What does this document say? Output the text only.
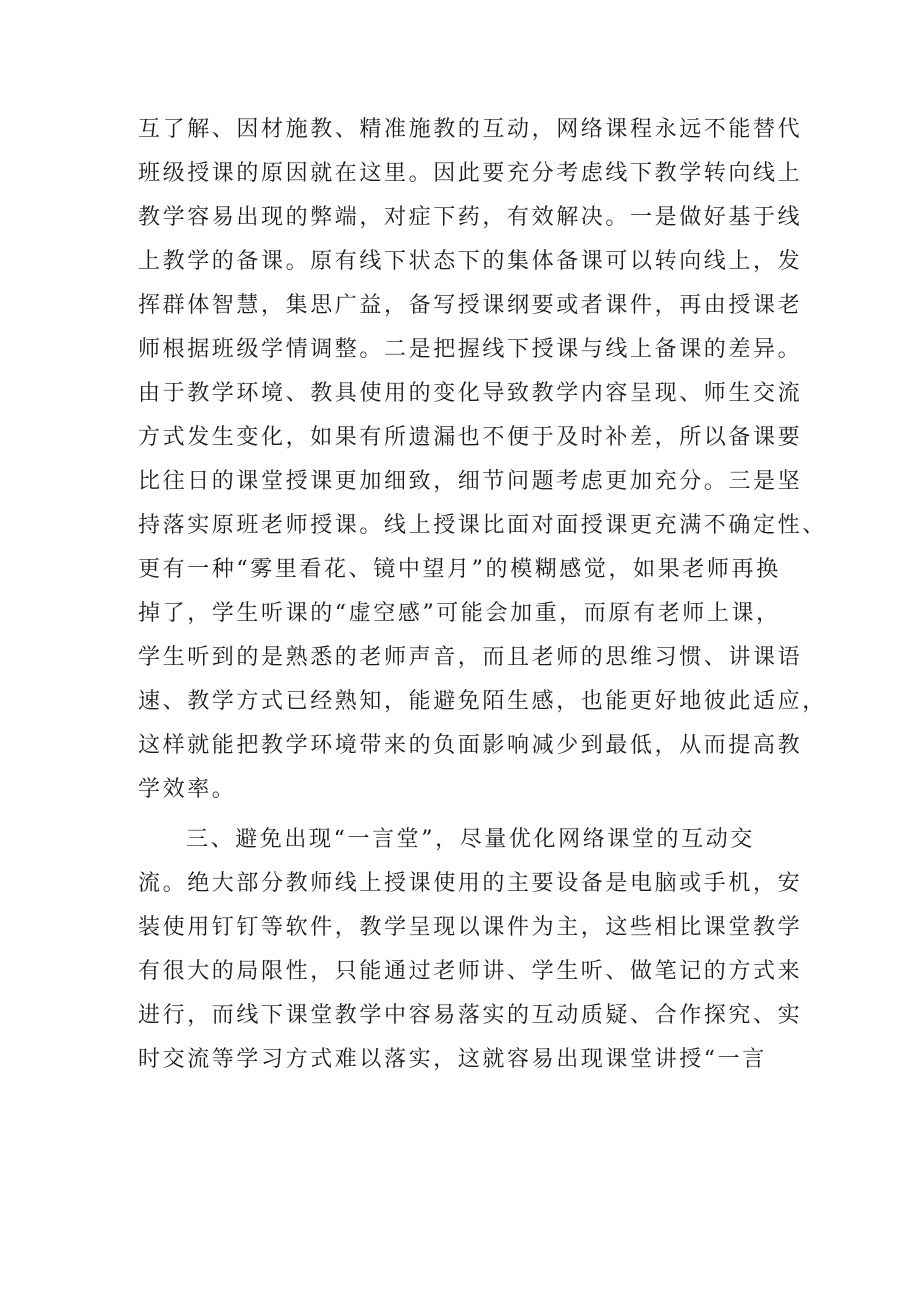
互了解、因材施教、精准施教的互动，网络课程永远不能替代
班级授课的原因就在这里。因此要充分考虑线下教学转向线上
教学容易出现的弊端，对症下药，有效解决。一是做好基于线
上教学的备课。原有线下状态下的集体备课可以转向线上，发
挥群体智慧，集思广益，备写授课纲要或者课件，再由授课老
师根据班级学情调整。二是把握线下授课与线上备课的差异。
由于教学环境、教具使用的变化导致教学内容呈现、师生交流
方式发生变化，如果有所遗漏也不便于及时补差，所以备课要
比往日的课堂授课更加细致，细节问题考虑更加充分。三是坚
持落实原班老师授课。线上授课比面对面授课更充满不确定性、
更有一种“雾里看花、镜中望月”的模糊感觉，如果老师再换
掉了，学生听课的“虚空感”可能会加重，而原有老师上课，
学生听到的是熟悉的老师声音，而且老师的思维习惯、讲课语
速、教学方式已经熟知，能避免陌生感，也能更好地彼此适应，
这样就能把教学环境带来的负面影响减少到最低，从而提高教
学效率。
三、避免出现“一言堂”，尽量优化网络课堂的互动交
流。绝大部分教师线上授课使用的主要设备是电脑或手机，安
装使用钉钉等软件，教学呈现以课件为主，这些相比课堂教学
有很大的局限性，只能通过老师讲、学生听、做笔记的方式来
进行，而线下课堂教学中容易落实的互动质疑、合作探究、实
时交流等学习方式难以落实，这就容易出现课堂讲授“一言
